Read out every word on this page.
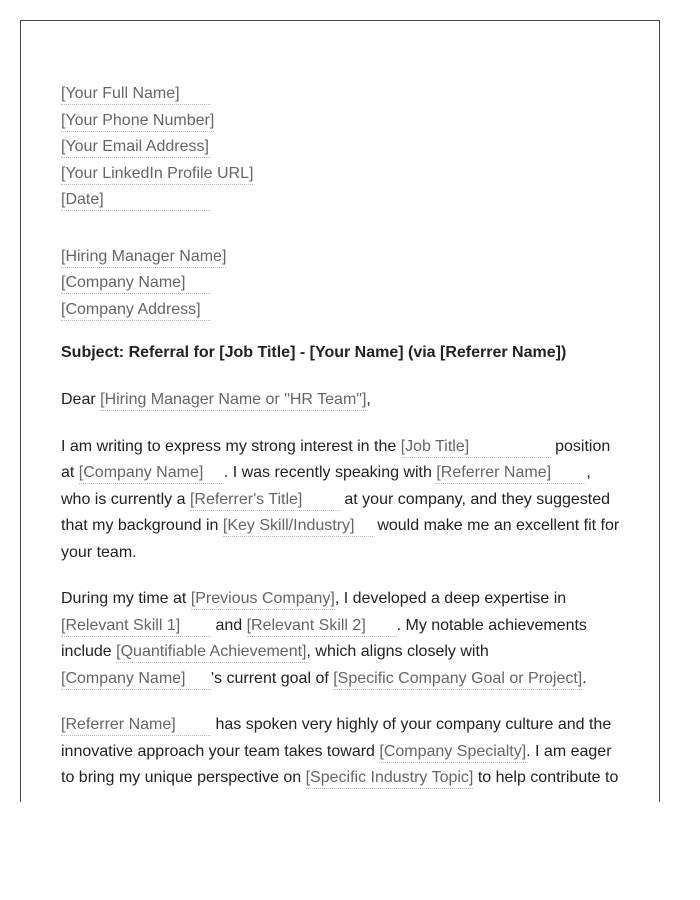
[Your Full Name]
[Your Phone Number]
[Your Email Address]
[Your LinkedIn Profile URL]
[Date]
[Hiring Manager Name]
[Company Name]
[Company Address]
Subject: Referral for [Job Title] - [Your Name] (via [Referrer Name])

Dear [Hiring Manager Name or "HR Team"],

I am writing to express my strong interest in the [Job Title]	position at [Company Name] . I was recently speaking with [Referrer Name] , who is currently a [Referrer's Title] at your company, and they suggested that my background in [Key Skill/Industry] would make me an excellent fit for your team.

During my time at [Previous Company], I developed a deep expertise in [Relevant Skill 1] and [Relevant Skill 2] . My notable achievements include [Quantifiable Achievement], which aligns closely with [Company Name] 's current goal of [Specific Company Goal or Project].

[Referrer Name] has spoken very highly of your company culture and the innovative approach your team takes toward [Company Specialty]. I am eager to bring my unique perspective on [Specific Industry Topic] to help contribute to
